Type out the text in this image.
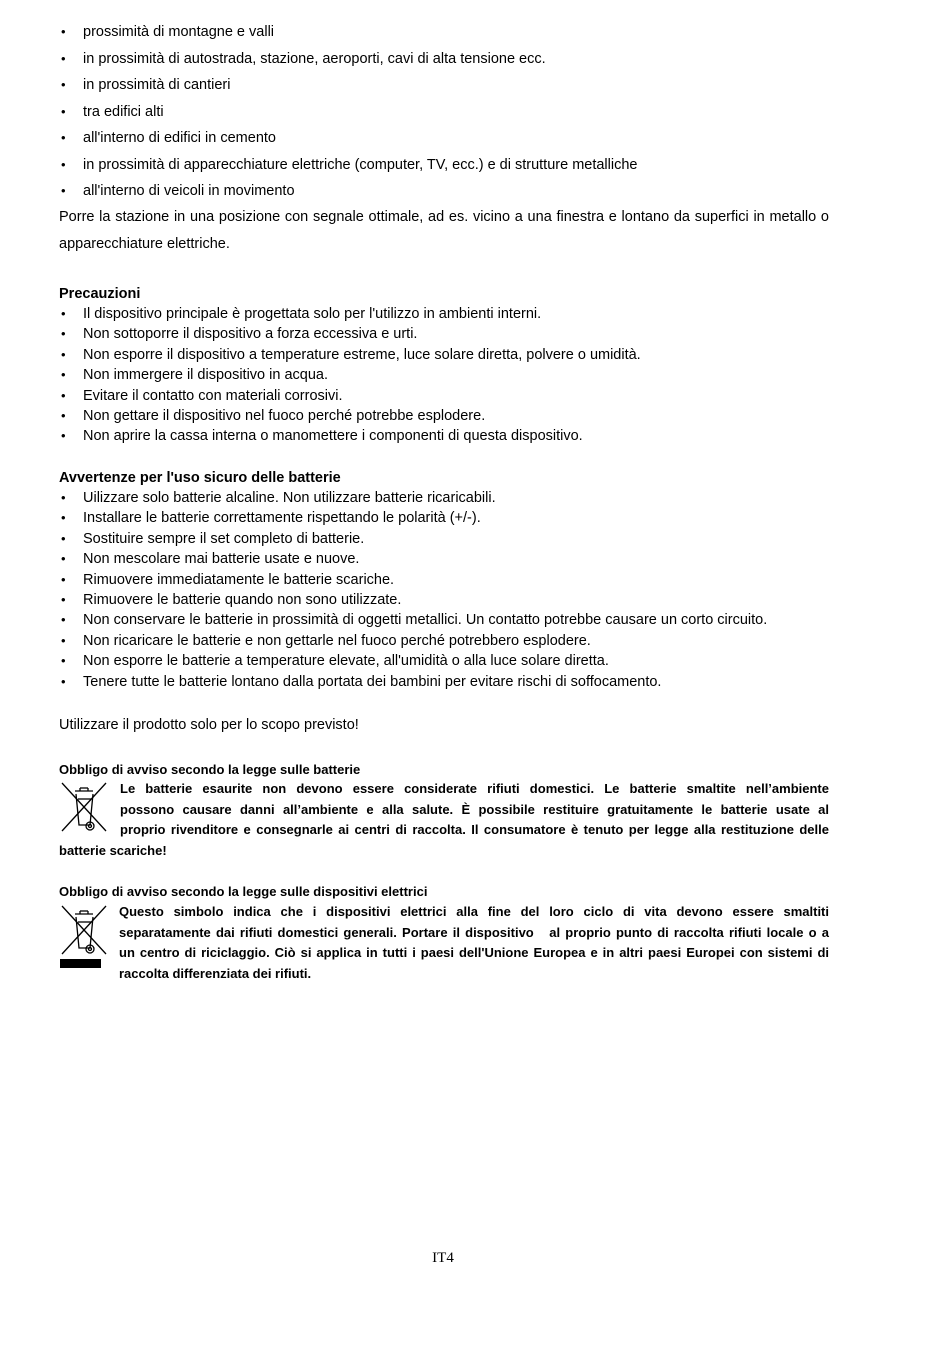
• prossimità di montagne e valli
• in prossimità di autostrada, stazione, aeroporti, cavi di alta tensione ecc.
• in prossimità di cantieri
• tra edifici alti
• all'interno di edifici in cemento
• in prossimità di apparecchiature elettriche (computer, TV, ecc.) e di strutture metalliche
• all'interno di veicoli in movimento

Porre la stazione in una posizione con segnale ottimale, ad es. vicino a una finestra e lontano da superfici in metallo o apparecchiature elettriche.

Precauzioni
• Il dispositivo principale è progettata solo per l'utilizzo in ambienti interni.
• Non sottoporre il dispositivo a forza eccessiva e urti.
• Non esporre il dispositivo a temperature estreme, luce solare diretta, polvere o umidità.
• Non immergere il dispositivo in acqua.
• Evitare il contatto con materiali corrosivi.
• Non gettare il dispositivo nel fuoco perché potrebbe esplodere.
• Non aprire la cassa interna o manomettere i componenti di questa dispositivo.
Avvertenze per l'uso sicuro delle batterie
• Uilizzare solo batterie alcaline. Non utilizzare batterie ricaricabili.
• Installare le batterie correttamente rispettando le polarità (+/-).
• Sostituire sempre il set completo di batterie.
• Non mescolare mai batterie usate e nuove.
• Rimuovere immediatamente le batterie scariche.
• Rimuovere le batterie quando non sono utilizzate.
• Non conservare le batterie in prossimità di oggetti metallici. Un contatto potrebbe causare un corto circuito.
• Non ricaricare le batterie e non gettarle nel fuoco perché potrebbero esplodere.
• Non esporre le batterie a temperature elevate, all'umidità o alla luce solare diretta.
• Tenere tutte le batterie lontano dalla portata dei bambini per evitare rischi di soffocamento.

Utilizzare il prodotto solo per lo scopo previsto!

Obbligo di avviso secondo la legge sulle batterie

Le batterie esaurite non devono essere considerate rifiuti domestici. Le batterie smaltite nell’ambiente
possono causare danni all’ambiente e alla salute. È possibile restituire gratuitamente le batterie usate al
proprio rivenditore e consegnarle ai centri di raccolta. Il consumatore è tenuto per legge alla restituzione delle
batterie scariche!

Obbligo di avviso secondo la legge sulle dispositivi elettrici

Questo simbolo indica che i dispositivi elettrici alla fine del loro ciclo di vita devono essere smaltiti
separatamente dai rifiuti domestici generali. Portare il dispositivo   al proprio punto di raccolta rifiuti locale o a
un centro di riciclaggio. Ciò si applica in tutti i paesi dell'Unione Europea e in altri paesi Europei con sistemi di
raccolta differenziata dei rifiuti.

IT4
